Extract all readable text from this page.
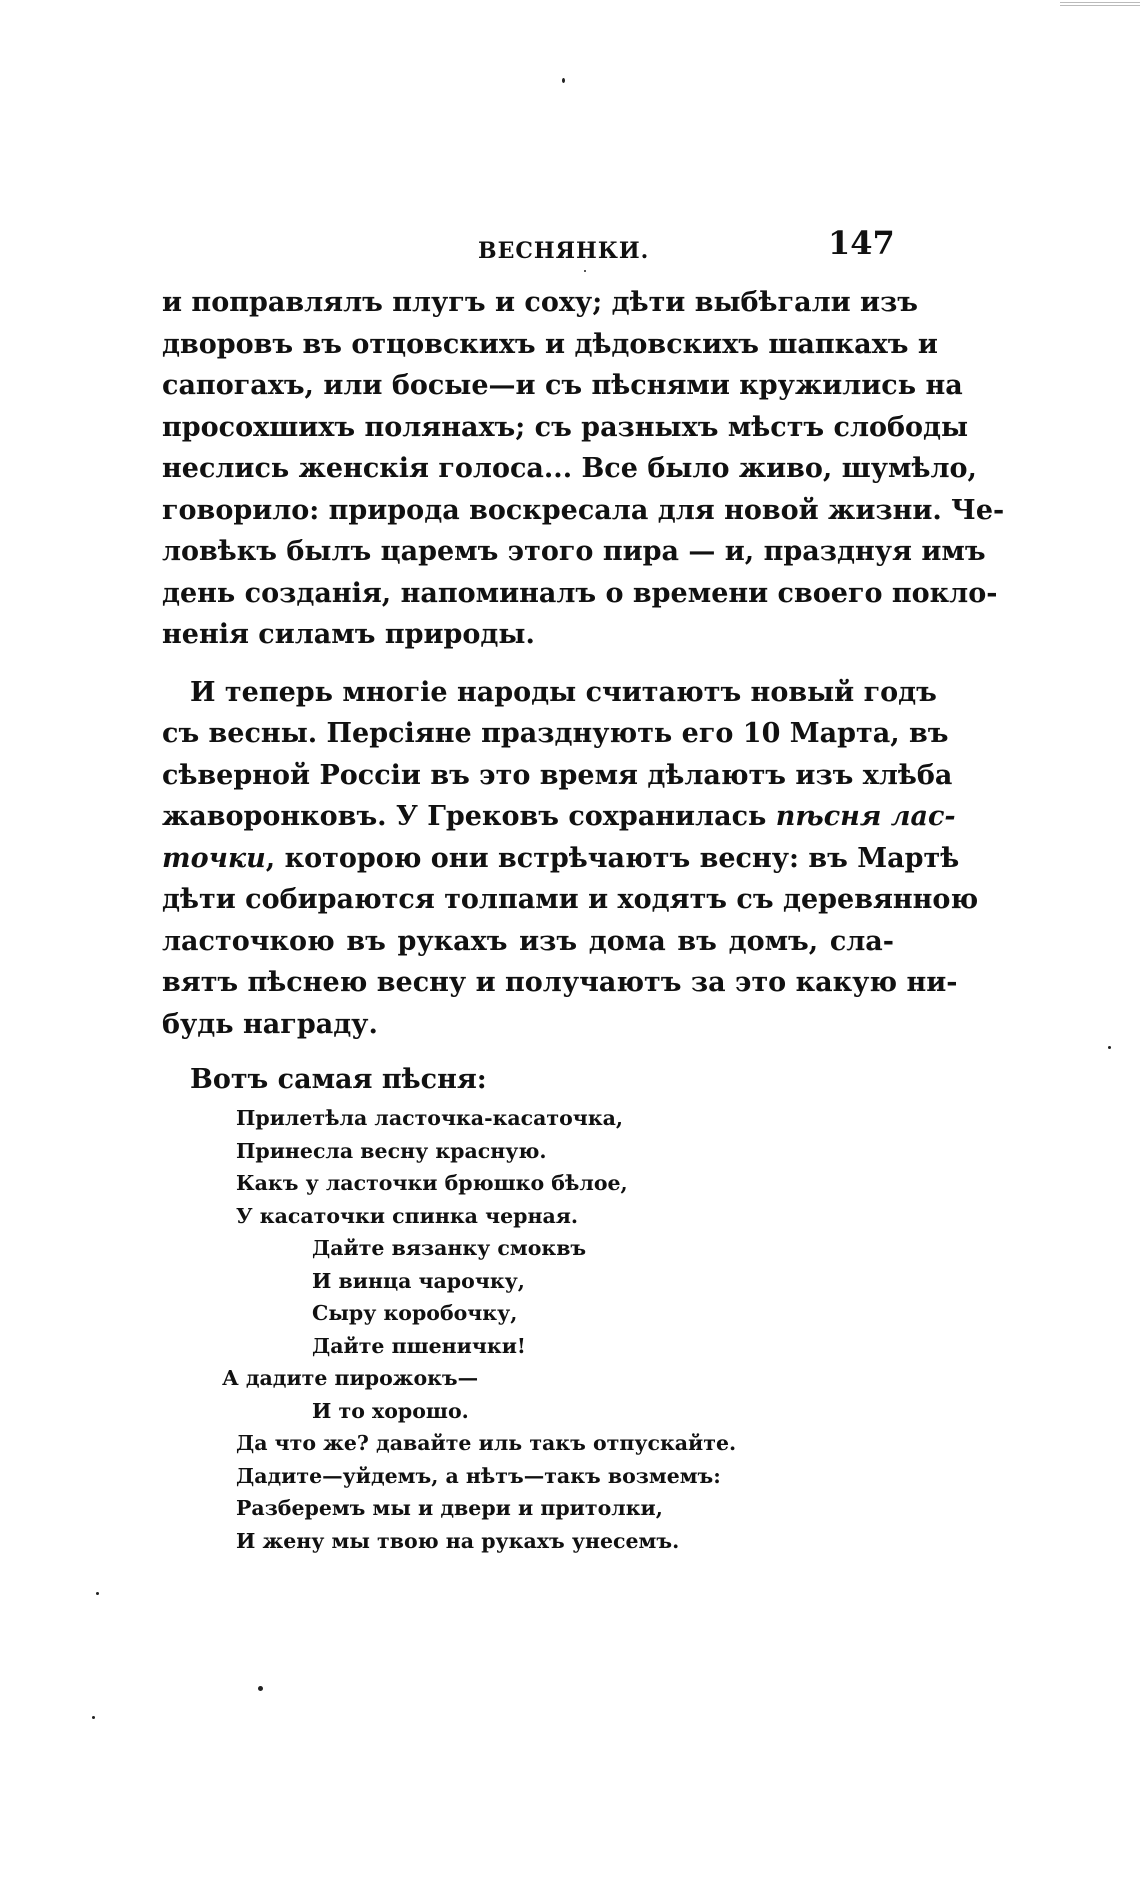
ВЕСНЯНКИ.	147
и поправлялъ плугъ и соху; дѣти выбѣгали изъ
дворовъ въ отцовскихъ и дѣдовскихъ шапкахъ и
сапогахъ, или босые—и съ пѣснями кружились на
просохшихъ полянахъ; съ разныхъ мѣстъ слободы
неслись женскія голоса... Все было живо, шумѣло,
говорило: природа воскресала для новой жизни. Че-
ловѣкъ былъ царемъ этого пира — и, празднуя имъ
день созданія, напоминалъ о времени своего покло-
ненія силамъ природы.
И теперь многіе народы считаютъ новый годъ
съ весны. Персіяне празднують его 10 Марта, въ
сѣверной Россіи въ это время дѣлаютъ изъ хлѣба
жаворонковъ. У Грековъ сохранилась пѣсня лас-
точки, которою они встрѣчаютъ весну: въ Мартѣ
дѣти собираются толпами и ходятъ съ деревянною
ласточкою въ рукахъ изъ дома въ домъ, сла-
вятъ пѣснею весну и получаютъ за это какую ни-
будь награду.
Вотъ самая пѣсня:
Прилетѣла ласточка-касаточка,
Принесла весну красную.
Какъ у ласточки брюшко бѣлое,
У касаточки спинка черная.
Дайте вязанку смоквъ
И винца чарочку,
Сыру коробочку,
Дайте пшенички!
А дадите пирожокъ—
И то хорошо.
Да что же? давайте иль такъ отпускайте.
Дадите—уйдемъ, а нѣтъ—такъ возмемъ:
Разберемъ мы и двери и притолки,
И жену мы твою на рукахъ унесемъ.
